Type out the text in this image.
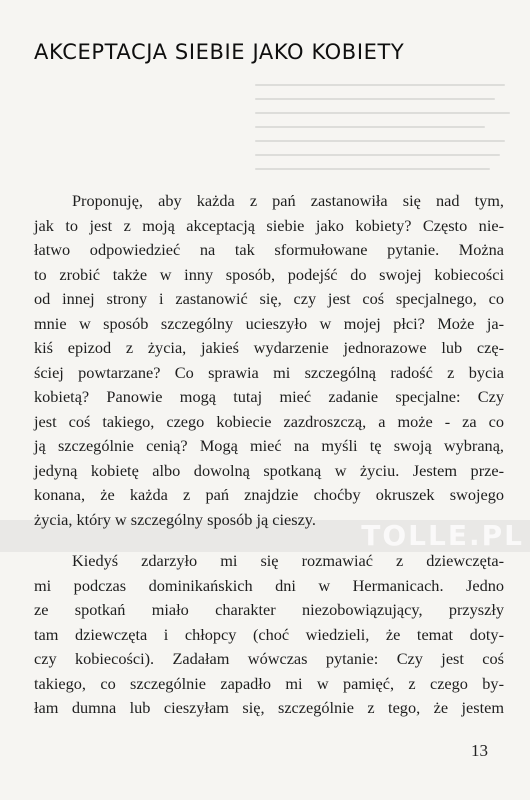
AKCEPTACJA SIEBIE JAKO KOBIETY
Proponuję, aby każda z pań zastanowiła się nad tym,
jak to jest z moją akceptacją siebie jako kobiety? Często nie-
łatwo odpowiedzieć na tak sformułowane pytanie. Można
to zrobić także w inny sposób, podejść do swojej kobiecości
od innej strony i zastanowić się, czy jest coś specjalnego, co
mnie w sposób szczególny ucieszyło w mojej płci? Może ja-
kiś epizod z życia, jakieś wydarzenie jednorazowe lub czę-
ściej powtarzane? Co sprawia mi szczególną radość z bycia
kobietą? Panowie mogą tutaj mieć zadanie specjalne: Czy
jest coś takiego, czego kobiecie zazdroszczą, a może - za co
ją szczególnie cenią? Mogą mieć na myśli tę swoją wybraną,
jedyną kobietę albo dowolną spotkaną w życiu. Jestem prze-
konana, że każda z pań znajdzie choćby okruszek swojego
życia, który w szczególny sposób ją cieszy.
Kiedyś zdarzyło mi się rozmawiać z dziewczęta-
mi podczas dominikańskich dni w Hermanicach. Jedno
ze spotkań miało charakter niezobowiązujący, przyszły
tam dziewczęta i chłopcy (choć wiedzieli, że temat doty-
czy kobiecości). Zadałam wówczas pytanie: Czy jest coś
takiego, co szczególnie zapadło mi w pamięć, z czego by-
łam dumna lub cieszyłam się, szczególnie z tego, że jestem
TOLLE.PL
13
